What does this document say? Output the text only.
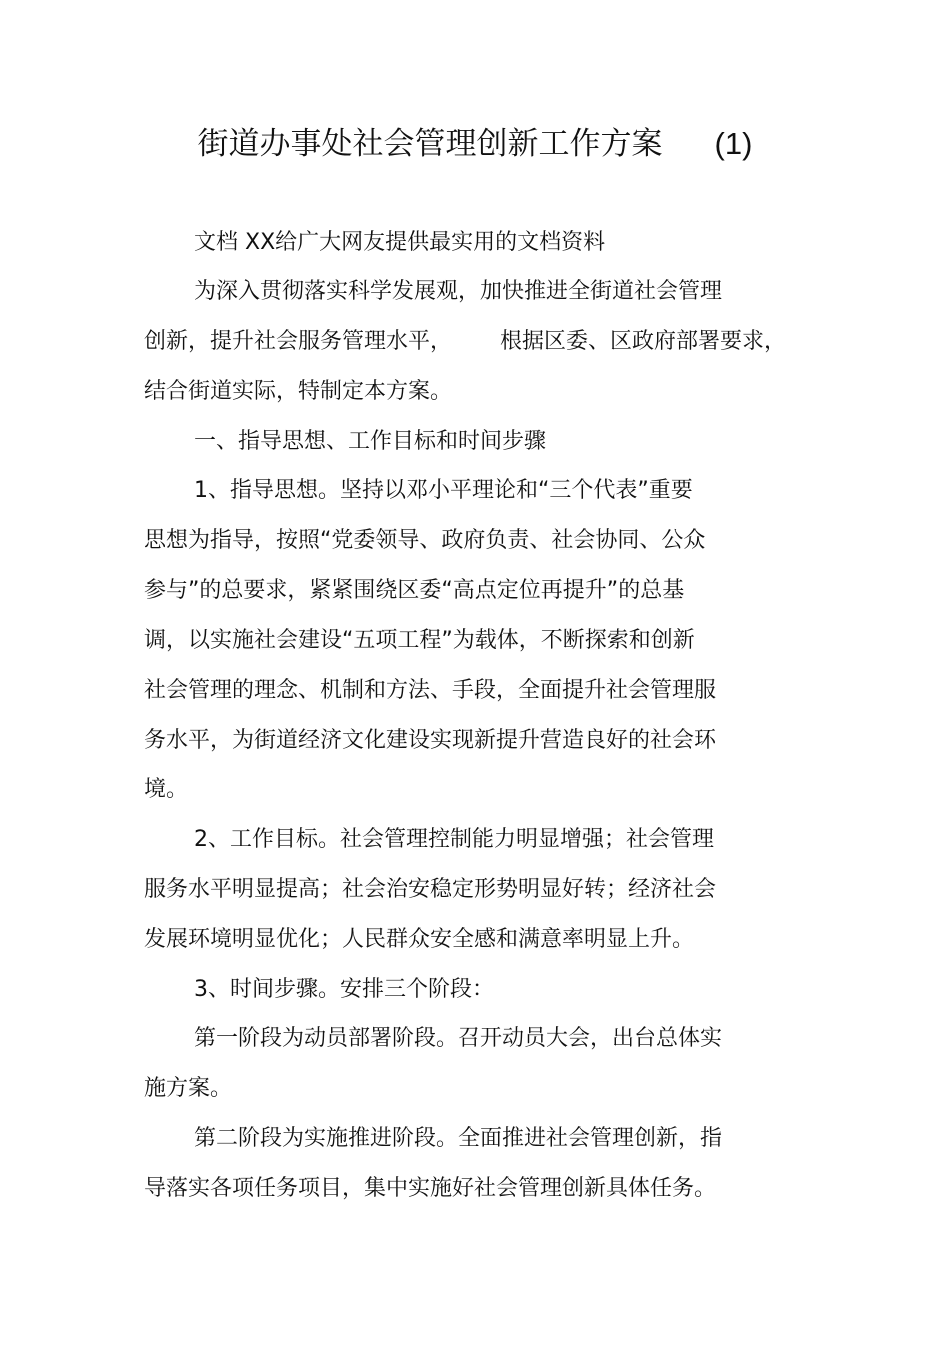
街道办事处社会管理创新工作方案 (1)
文档 XX给广大网友提供最实用的文档资料
为深入贯彻落实科学发展观，加快推进全街道社会管理
创新，提升社会服务管理水平， 根据区委、区政府部署要求，
结合街道实际，特制定本方案。
一、指导思想、工作目标和时间步骤
1、指导思想。坚持以邓小平理论和“三个代表”重要
思想为指导，按照“党委领导、政府负责、社会协同、公众
参与”的总要求，紧紧围绕区委“高点定位再提升”的总基
调，以实施社会建设“五项工程”为载体，不断探索和创新
社会管理的理念、机制和方法、手段，全面提升社会管理服
务水平，为街道经济文化建设实现新提升营造良好的社会环
境。
2、工作目标。社会管理控制能力明显增强；社会管理
服务水平明显提高；社会治安稳定形势明显好转；经济社会
发展环境明显优化；人民群众安全感和满意率明显上升。
3、时间步骤。安排三个阶段：
第一阶段为动员部署阶段。召开动员大会，出台总体实
施方案。
第二阶段为实施推进阶段。全面推进社会管理创新，指
导落实各项任务项目，集中实施好社会管理创新具体任务。
